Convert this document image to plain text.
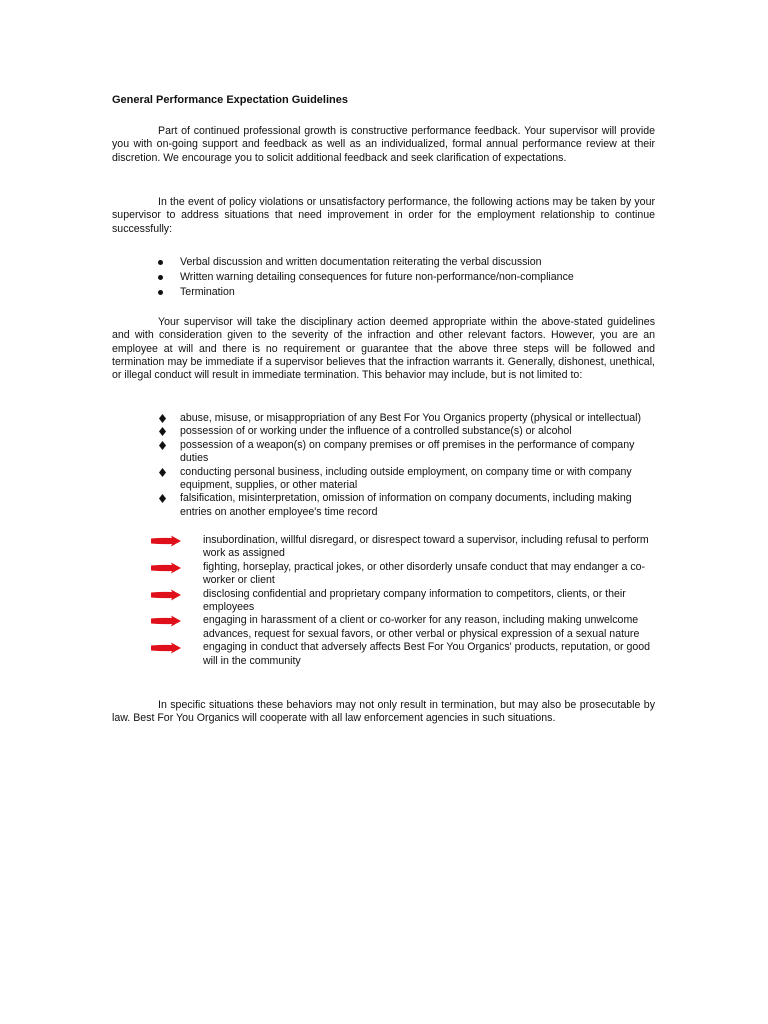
General Performance Expectation Guidelines

Part of continued professional growth is constructive performance feedback. Your supervisor will provide you with on-going support and feedback as well as an individualized, formal annual performance review at their discretion. We encourage you to solicit additional feedback and seek clarification of expectations.

In the event of policy violations or unsatisfactory performance, the following actions may be taken by your supervisor to address situations that need improvement in order for the employment relationship to continue successfully:

Verbal discussion and written documentation reiterating the verbal discussion
Written warning detailing consequences for future non-performance/non-compliance
Termination

Your supervisor will take the disciplinary action deemed appropriate within the above-stated guidelines and with consideration given to the severity of the infraction and other relevant factors. However, you are an employee at will and there is no requirement or guarantee that the above three steps will be followed and termination may be immediate if a supervisor believes that the infraction warrants it. Generally, dishonest, unethical, or illegal conduct will result in immediate termination. This behavior may include, but is not limited to:

abuse, misuse, or misappropriation of any Best For You Organics property (physical or intellectual)
possession of or working under the influence of a controlled substance(s) or alcohol
possession of a weapon(s) on company premises or off premises in the performance of company duties
conducting personal business, including outside employment, on company time or with company equipment, supplies, or other material
falsification, misinterpretation, omission of information on company documents, including making entries on another employee's time record
insubordination, willful disregard, or disrespect toward a supervisor, including refusal to perform work as assigned
fighting, horseplay, practical jokes, or other disorderly unsafe conduct that may endanger a co-worker or client
disclosing confidential and proprietary company information to competitors, clients, or their employees
engaging in harassment of a client or co-worker for any reason, including making unwelcome advances, request for sexual favors, or other verbal or physical expression of a sexual nature
engaging in conduct that adversely affects Best For You Organics' products, reputation, or good will in the community

In specific situations these behaviors may not only result in termination, but may also be prosecutable by law. Best For You Organics will cooperate with all law enforcement agencies in such situations.
